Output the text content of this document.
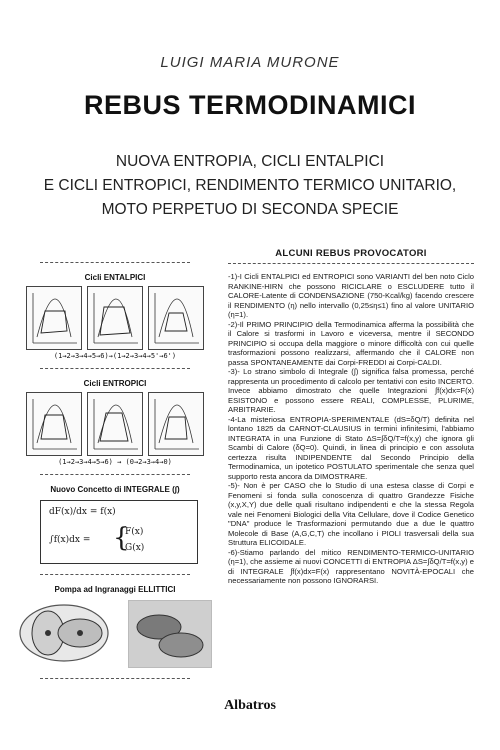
LUIGI MARIA MURONE
REBUS TERMODINAMICI
NUOVA ENTROPIA, CICLI ENTALPICI
E CICLI ENTROPICI, RENDIMENTO TERMICO UNITARIO,
MOTO PERPETUO DI SECONDA SPECIE
Cicli ENTALPICI
(1→2→3→4→5→6)→(1→2→3→4→5'→6')
Cicli ENTROPICI
(1→2→3→4→5→6) → (0→2→3→4→0)
Nuovo Concetto di INTEGRALE (∫)
dF(x)/dx = f(x)
∫f(x)dx = {
F(x)
G(x)
Pompa ad Ingranaggi ELLITTICI
ALCUNI REBUS PROVOCATORI

-1)-I Cicli ENTALPICI ed ENTROPICI sono VARIANTI del ben noto Ciclo RANKINE-HIRN che possono RICICLARE o ESCLUDERE tutto il CALORE-Latente di CONDENSAZIONE (750-Kcal/kg) facendo crescere il RENDIMENTO (η) nello intervallo (0,25≤η≤1) fino al valore UNITARIO (η=1).

-2)-Il PRIMO PRINCIPIO della Termodinamica afferma la possibilità che il Calore si trasformi in Lavoro e viceversa, mentre il SECONDO PRINCIPIO si occupa della maggiore o minore difficoltà con cui quelle trasformazioni possono realizzarsi, affermando che il CALORE non passa SPONTANEAMENTE dai Corpi-FREDDI ai Corpi-CALDI.

-3)- Lo strano simbolo di Integrale (∫) significa falsa promessa, perché rappresenta un procedimento di calcolo per tentativi con esito INCERTO. Invece abbiamo dimostrato che quelle Integrazioni ∫f(x)dx=F(x) ESISTONO e possono essere REALI, COMPLESSE, PLURIME, ARBITRARIE.

-4-La misteriosa ENTROPIA-SPERIMENTALE (dS=δQ/T) definita nel lontano 1825 da CARNOT-CLAUSIUS in termini infinitesimi, l'abbiamo INTEGRATA in una Funzione di Stato ΔS=∫δQ/T=f(x,y) che ignora gli Scambi di Calore (δQ=0). Quindi, in linea di principio e con assoluta certezza risulta INDIPENDENTE dal Secondo Principio della Termodinamica, un ipotetico POSTULATO sperimentale che senza quel supporto resta ancora da DIMOSTRARE.

-5)- Non è per CASO che lo Studio di una estesa classe di Corpi e Fenomeni si fonda sulla conoscenza di quattro Grandezze Fisiche (x,y,X,Y) due delle quali risultano indipendenti e che la stessa Regola vale nei Fenomeni Biologici della Vita Cellulare, dove il Codice Genetico "DNA" produce le Trasformazioni permutando due a due le quattro Molecole di Base (A,G,C,T) che incollano i PIOLI trasversali della sua Struttura ELICOIDALE.

-6)-Stiamo parlando del mitico RENDIMENTO-TERMICO-UNITARIO (η=1), che assieme ai nuovi CONCETTI di ENTROPIA ΔS=∫δQ/T=f(x,y) e di INTEGRALE ∫f(x)dx=F(x) rappresentano NOVITÀ-EPOCALI che necessariamente non possono IGNORARSI.

Albatros
